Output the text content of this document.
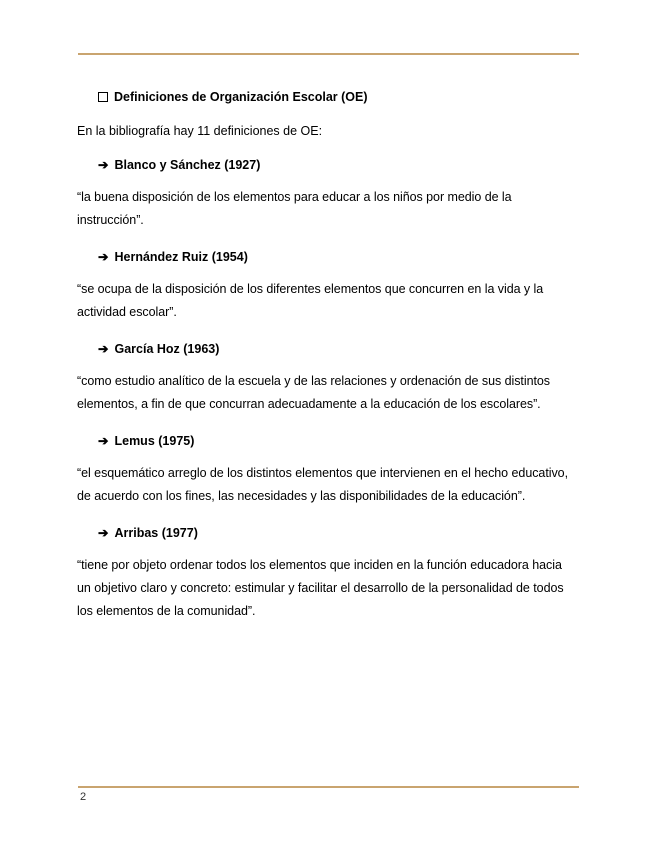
Definiciones de Organización Escolar (OE)
En la bibliografía hay 11 definiciones de OE:
➔ Blanco y Sánchez (1927)
“la buena disposición de los elementos para educar a los niños por medio de la instrucción”.
➔ Hernández Ruiz (1954)
“se ocupa de la disposición de los diferentes elementos que concurren en la vida y la actividad escolar”.
➔ García Hoz (1963)
“como estudio analítico de la escuela y de las relaciones y ordenación de sus distintos elementos, a fin de que concurran adecuadamente a la educación de los escolares”.
➔ Lemus (1975)
“el esquemático arreglo de los distintos elementos que intervienen en el hecho educativo, de acuerdo con los fines, las necesidades y las disponibilidades de la educación”.
➔ Arribas (1977)
“tiene por objeto ordenar todos los elementos que inciden en la función educadora hacia un objetivo claro y concreto: estimular y facilitar el desarrollo de la personalidad de todos los elementos de la comunidad”.
2
